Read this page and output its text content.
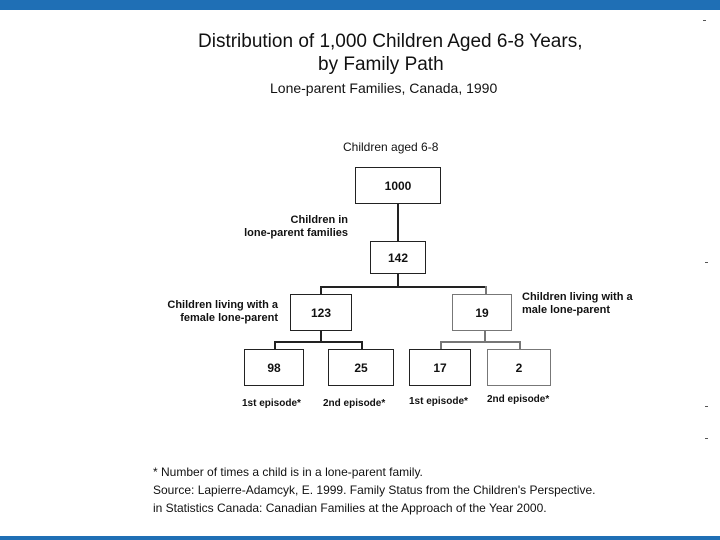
Distribution of 1,000 Children Aged 6-8 Years,
by Family Path
Lone-parent Families, Canada, 1990
Children aged 6-8
1000
Children in
lone-parent families
142
Children living with a
female lone-parent	123	19
Children living with a
male lone-parent
98	25	17	2
1st episode* 2nd episode* 1st episode* 2nd episode*
* Number of times a child is in a lone-parent family.
Source: Lapierre-Adamcyk, E. 1999. Family Status from the Children's Perspective.
in Statistics Canada: Canadian Families at the Approach of the Year 2000.
